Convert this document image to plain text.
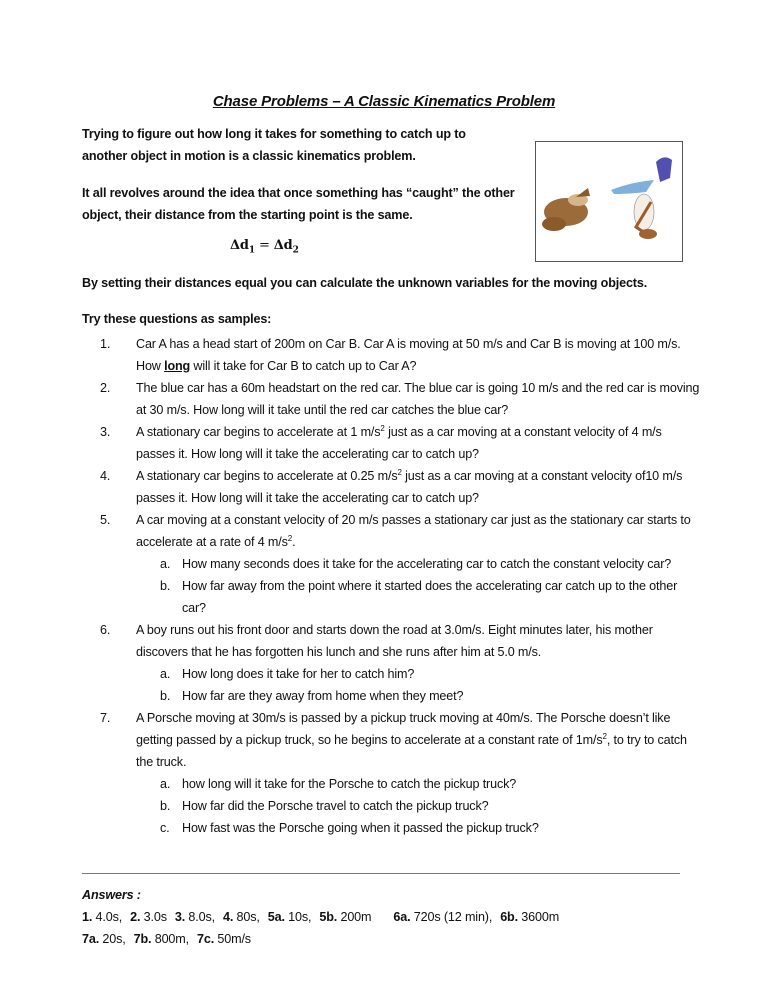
Chase Problems – A Classic Kinematics Problem
Trying to figure out how long it takes for something to catch up to
another object in motion is a classic kinematics problem.
It all revolves around the idea that once something has “caught” the other
object, their distance from the starting point is the same.
$\Delta d_1 = \Delta d_2$
By setting their distances equal you can calculate the unknown variables for the moving objects.
Try these questions as samples:
1. Car A has a head start of 200m on Car B. Car A is moving at 50 m/s and Car B is moving at 100 m/s. How long will it take for Car B to catch up to Car A?
2. The blue car has a 60m headstart on the red car. The blue car is going 10 m/s and the red car is moving at 30 m/s. How long will it take until the red car catches the blue car?
3. A stationary car begins to accelerate at 1 $m/s^2$ just as a car moving at a constant velocity of 4 m/s passes it. How long will it take the accelerating car to catch up?
4. A stationary car begins to accelerate at 0.25 $m/s^2$ just as a car moving at a constant velocity of10 m/s passes it. How long will it take the accelerating car to catch up?
5. A car moving at a constant velocity of 20 m/s passes a stationary car just as the stationary car starts to accelerate at a rate of 4 $m/s^2$.
a. How many seconds does it take for the accelerating car to catch the constant velocity car?
b. How far away from the point where it started does the accelerating car catch up to the other car?
6. A boy runs out his front door and starts down the road at 3.0m/s. Eight minutes later, his mother discovers that he has forgotten his lunch and she runs after him at 5.0 m/s.
a. How long does it take for her to catch him?
b. How far are they away from home when they meet?
7. A Porsche moving at 30m/s is passed by a pickup truck moving at 40m/s. The Porsche doesn’t like getting passed by a pickup truck, so he begins to accelerate at a constant rate of $1m/s^2$, to try to catch the truck.
a. how long will it take for the Porsche to catch the pickup truck?
b. How far did the Porsche travel to catch the pickup truck?
c. How fast was the Porsche going when it passed the pickup truck?
Answers :
1. 4.0s, 2. 3.0s 3. 8.0s, 4. 80s, 5a. 10s, 5b. 200m 6a. 720s (12 min), 6b. 3600m
7a. 20s, 7b. 800m, 7c. 50m/s
